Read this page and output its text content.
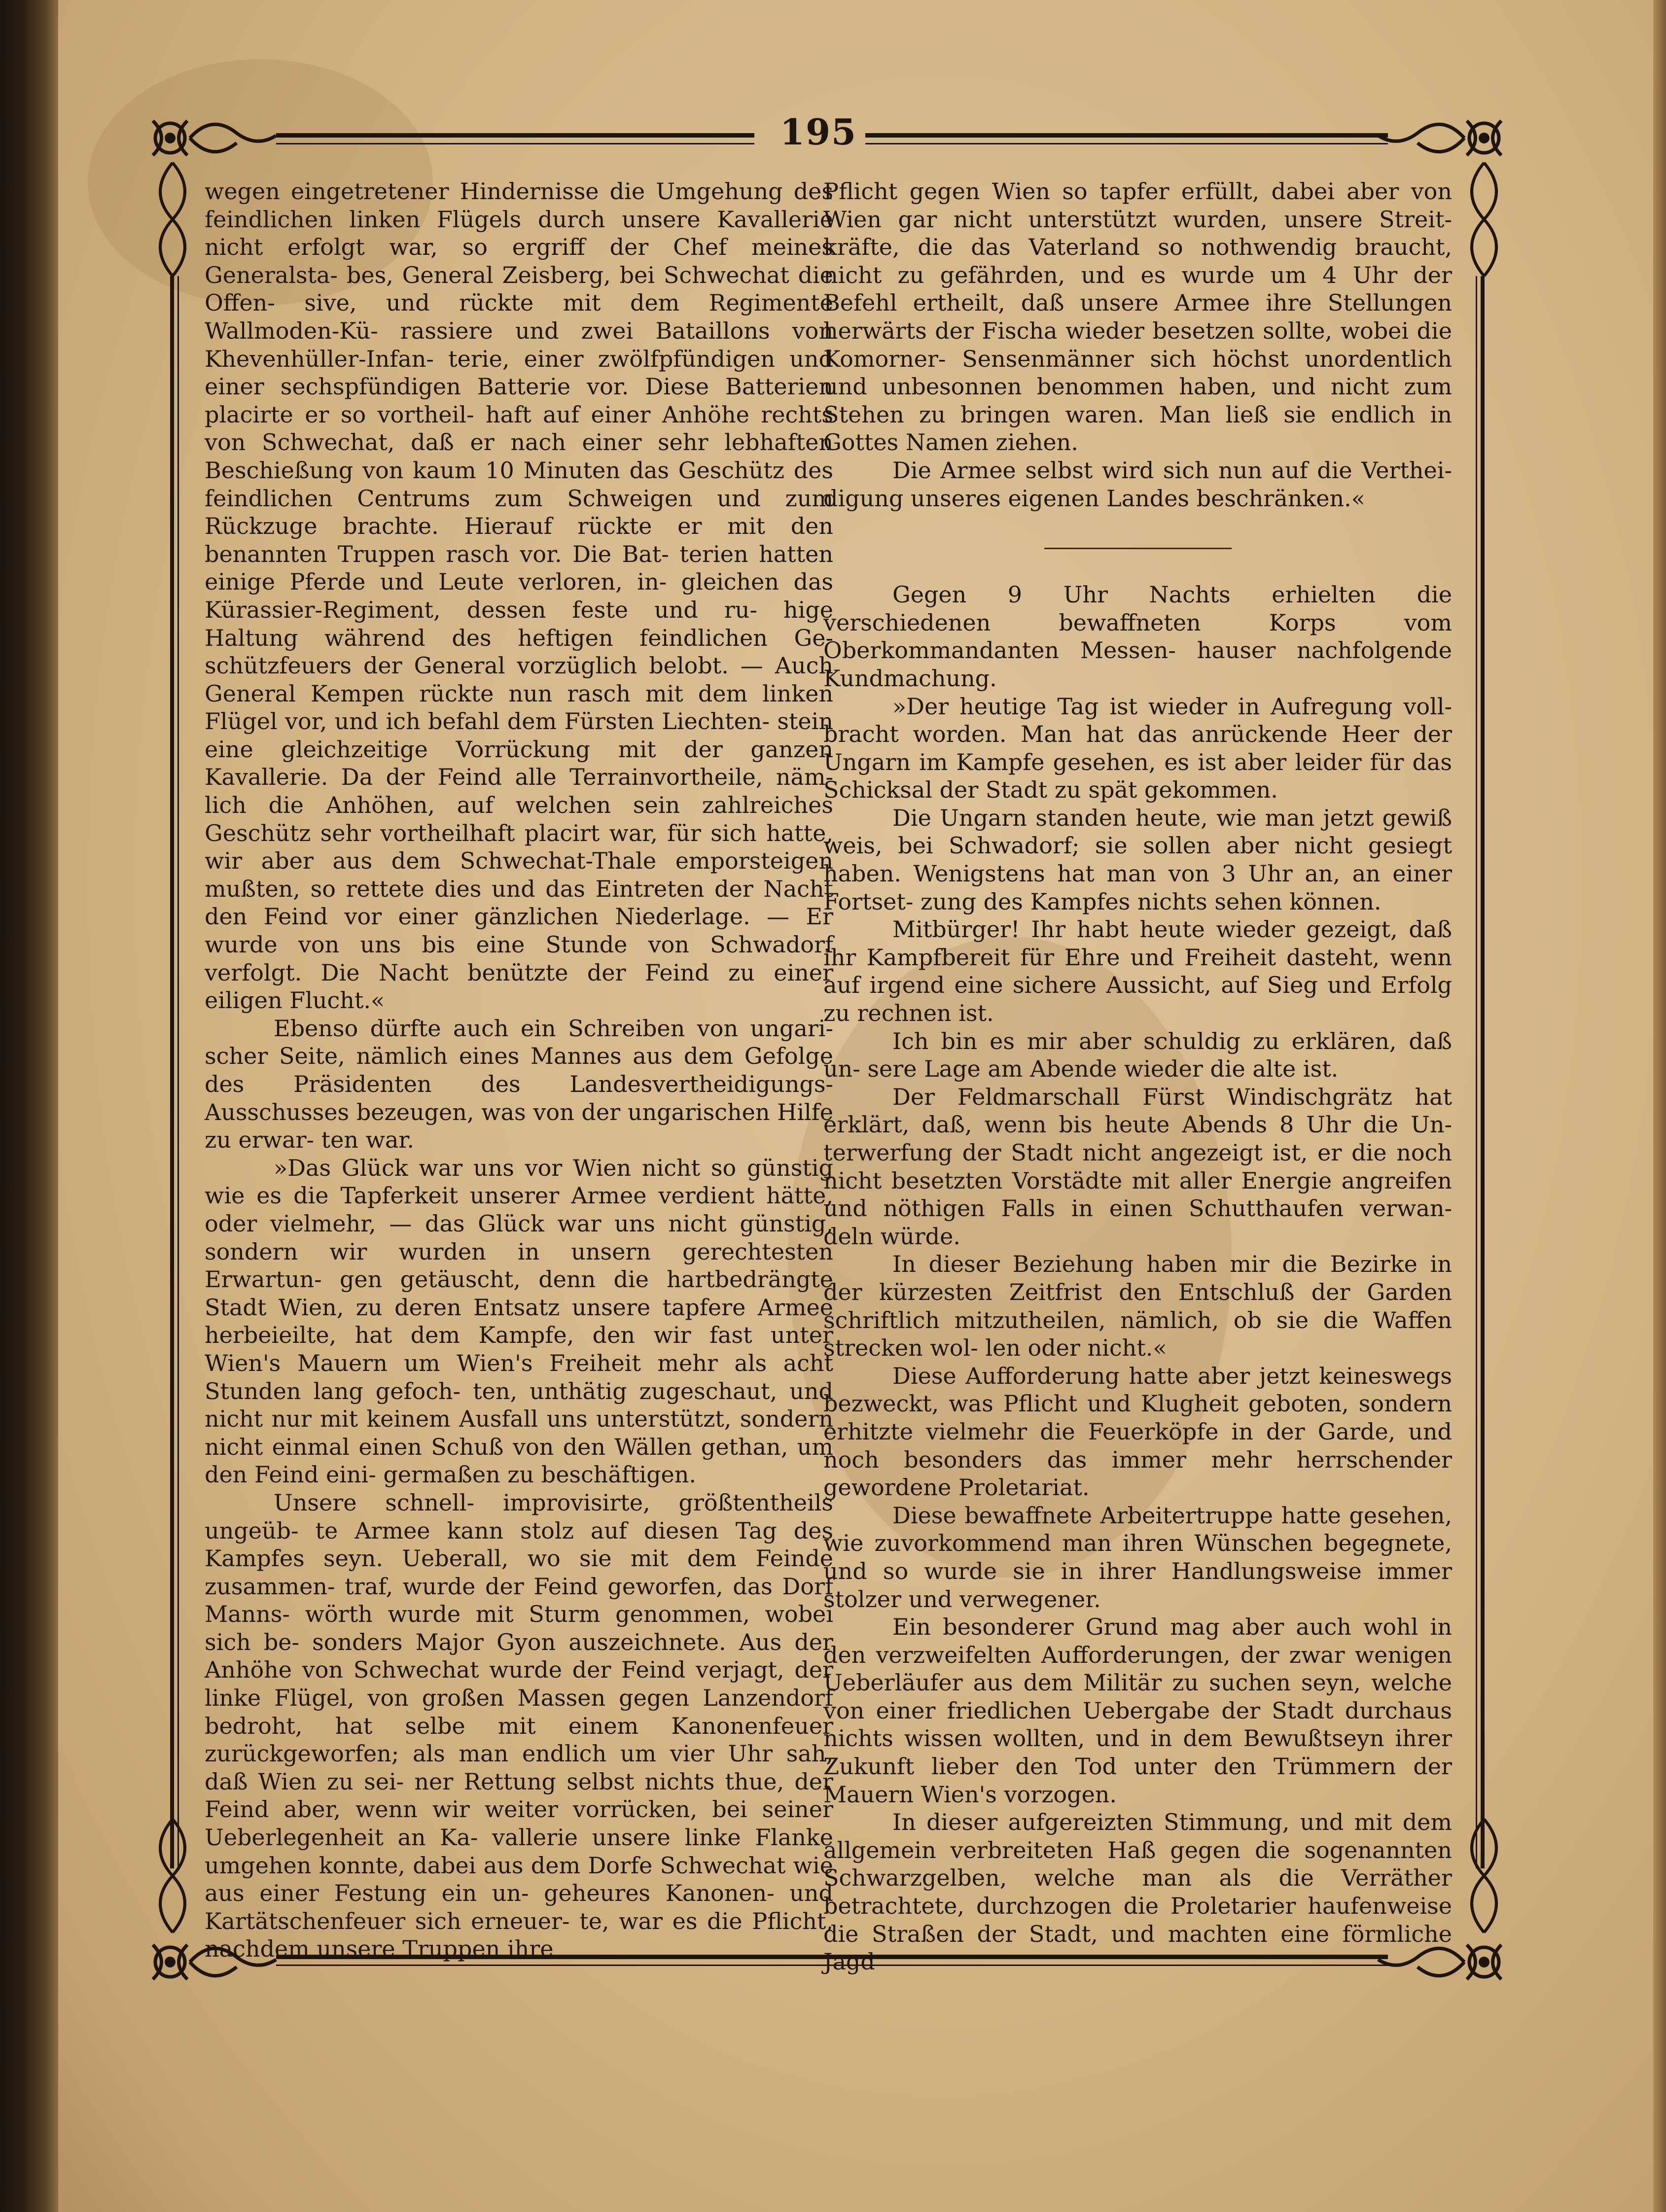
195

wegen eingetretener Hindernisse die Umgehung des feindlichen linken Flügels durch unsere Kavallerie nicht erfolgt war, so ergriff der Chef meines Generalsta- bes, General Zeisberg, bei Schwechat die Offen- sive, und rückte mit dem Regimente Wallmoden-Kü- rassiere und zwei Bataillons von Khevenhüller-Infan- terie, einer zwölfpfündigen und einer sechspfündigen Batterie vor. Diese Batterien placirte er so vortheil- haft auf einer Anhöhe rechts von Schwechat, daß er nach einer sehr lebhaften Beschießung von kaum 10 Minuten das Geschütz des feindlichen Centrums zum Schweigen und zum Rückzuge brachte. Hierauf rückte er mit den benannten Truppen rasch vor. Die Bat- terien hatten einige Pferde und Leute verloren, in- gleichen das Kürassier-Regiment, dessen feste und ru- hige Haltung während des heftigen feindlichen Ge- schützfeuers der General vorzüglich belobt. — Auch General Kempen rückte nun rasch mit dem linken Flügel vor, und ich befahl dem Fürsten Liechten- stein eine gleichzeitige Vorrückung mit der ganzen Kavallerie. Da der Feind alle Terrainvortheile, näm- lich die Anhöhen, auf welchen sein zahlreiches Geschütz sehr vortheilhaft placirt war, für sich hatte, wir aber aus dem Schwechat-Thale emporsteigen mußten, so rettete dies und das Eintreten der Nacht den Feind vor einer gänzlichen Niederlage. — Er wurde von uns bis eine Stunde von Schwadorf verfolgt. Die Nacht benützte der Feind zu einer eiligen Flucht.«

Ebenso dürfte auch ein Schreiben von ungari- scher Seite, nämlich eines Mannes aus dem Gefolge des Präsidenten des Landesvertheidigungs-Ausschusses bezeugen, was von der ungarischen Hilfe zu erwar- ten war.

»Das Glück war uns vor Wien nicht so günstig wie es die Tapferkeit unserer Armee verdient hätte, oder vielmehr, — das Glück war uns nicht günstig, sondern wir wurden in unsern gerechtesten Erwartun- gen getäuscht, denn die hartbedrängte Stadt Wien, zu deren Entsatz unsere tapfere Armee herbeieilte, hat dem Kampfe, den wir fast unter Wien's Mauern um Wien's Freiheit mehr als acht Stunden lang gefoch- ten, unthätig zugeschaut, und nicht nur mit keinem Ausfall uns unterstützt, sondern nicht einmal einen Schuß von den Wällen gethan, um den Feind eini- germaßen zu beschäftigen.

Unsere schnell- improvisirte, größtentheils ungeüb- te Armee kann stolz auf diesen Tag des Kampfes seyn. Ueberall, wo sie mit dem Feinde zusammen- traf, wurde der Feind geworfen, das Dorf Manns- wörth wurde mit Sturm genommen, wobei sich be- sonders Major Gyon auszeichnete. Aus der Anhöhe von Schwechat wurde der Feind verjagt, der linke Flügel, von großen Massen gegen Lanzendorf bedroht, hat selbe mit einem Kanonenfeuer zurückgeworfen; als man endlich um vier Uhr sah, daß Wien zu sei- ner Rettung selbst nichts thue, der Feind aber, wenn wir weiter vorrücken, bei seiner Ueberlegenheit an Ka- vallerie unsere linke Flanke umgehen konnte, dabei aus dem Dorfe Schwechat wie aus einer Festung ein un- geheures Kanonen- und Kartätschenfeuer sich erneuer- te, war es die Pflicht, nachdem unsere Truppen ihre

Pflicht gegen Wien so tapfer erfüllt, dabei aber von Wien gar nicht unterstützt wurden, unsere Streit- kräfte, die das Vaterland so nothwendig braucht, nicht zu gefährden, und es wurde um 4 Uhr der Befehl ertheilt, daß unsere Armee ihre Stellungen herwärts der Fischa wieder besetzen sollte, wobei die Komorner- Sensenmänner sich höchst unordentlich und unbesonnen benommen haben, und nicht zum Stehen zu bringen waren. Man ließ sie endlich in Gottes Namen ziehen.

Die Armee selbst wird sich nun auf die Verthei- digung unseres eigenen Landes beschränken.«

Gegen 9 Uhr Nachts erhielten die verschiedenen bewaffneten Korps vom Oberkommandanten Messen- hauser nachfolgende Kundmachung.

»Der heutige Tag ist wieder in Aufregung voll- bracht worden. Man hat das anrückende Heer der Ungarn im Kampfe gesehen, es ist aber leider für das Schicksal der Stadt zu spät gekommen.

Die Ungarn standen heute, wie man jetzt gewiß weis, bei Schwadorf; sie sollen aber nicht gesiegt haben. Wenigstens hat man von 3 Uhr an, an einer Fortset- zung des Kampfes nichts sehen können.

Mitbürger! Ihr habt heute wieder gezeigt, daß ihr Kampfbereit für Ehre und Freiheit dasteht, wenn auf irgend eine sichere Aussicht, auf Sieg und Erfolg zu rechnen ist.

Ich bin es mir aber schuldig zu erklären, daß un- sere Lage am Abende wieder die alte ist.

Der Feldmarschall Fürst Windischgrätz hat erklärt, daß, wenn bis heute Abends 8 Uhr die Un- terwerfung der Stadt nicht angezeigt ist, er die noch nicht besetzten Vorstädte mit aller Energie angreifen und nöthigen Falls in einen Schutthaufen verwan- deln würde.

In dieser Beziehung haben mir die Bezirke in der kürzesten Zeitfrist den Entschluß der Garden schriftlich mitzutheilen, nämlich, ob sie die Waffen strecken wol- len oder nicht.«

Diese Aufforderung hatte aber jetzt keineswegs bezweckt, was Pflicht und Klugheit geboten, sondern erhitzte vielmehr die Feuerköpfe in der Garde, und noch besonders das immer mehr herrschender gewordene Proletariat.

Diese bewaffnete Arbeitertruppe hatte gesehen, wie zuvorkommend man ihren Wünschen begegnete, und so wurde sie in ihrer Handlungsweise immer stolzer und verwegener.

Ein besonderer Grund mag aber auch wohl in den verzweifelten Aufforderungen, der zwar wenigen Ueberläufer aus dem Militär zu suchen seyn, welche von einer friedlichen Uebergabe der Stadt durchaus nichts wissen wollten, und in dem Bewußtseyn ihrer Zukunft lieber den Tod unter den Trümmern der Mauern Wien's vorzogen.

In dieser aufgereizten Stimmung, und mit dem allgemein verbreiteten Haß gegen die sogenannten Schwarzgelben, welche man als die Verräther betrachtete, durchzogen die Proletarier haufenweise die Straßen der Stadt, und machten eine förmliche Jagd
